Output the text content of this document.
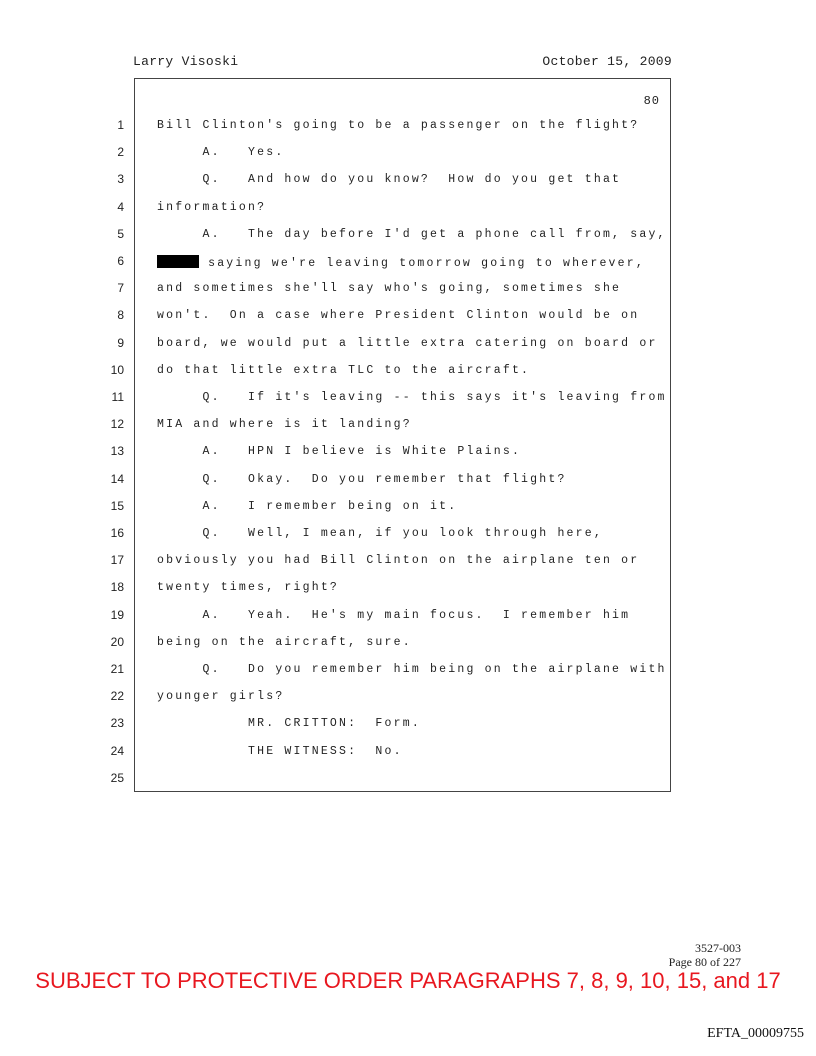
Larry Visoski	October 15, 2009
80
1	Bill Clinton's going to be a passenger on the flight?
2	A.   Yes.
3	Q.   And how do you know?  How do you get that
4	information?
5	A.   The day before I'd get a phone call from, say,
6	saying we're leaving tomorrow going to wherever,
7	and sometimes she'll say who's going, sometimes she
8	won't.  On a case where President Clinton would be on
9	board, we would put a little extra catering on board or
10	do that little extra TLC to the aircraft.
11	Q.   If it's leaving -- this says it's leaving from
12	MIA and where is it landing?
13	A.   HPN I believe is White Plains.
14	Q.   Okay.  Do you remember that flight?
15	A.   I remember being on it.
16	Q.   Well, I mean, if you look through here,
17	obviously you had Bill Clinton on the airplane ten or
18	twenty times, right?
19	A.   Yeah.  He's my main focus.  I remember him
20	being on the aircraft, sure.
21	Q.   Do you remember him being on the airplane with
22	younger girls?
23	MR. CRITTON:  Form.
24	THE WITNESS:  No.
25
3527-003
Page 80 of 227
SUBJECT TO PROTECTIVE ORDER PARAGRAPHS 7, 8, 9, 10, 15, and 17
EFTA_00009755
